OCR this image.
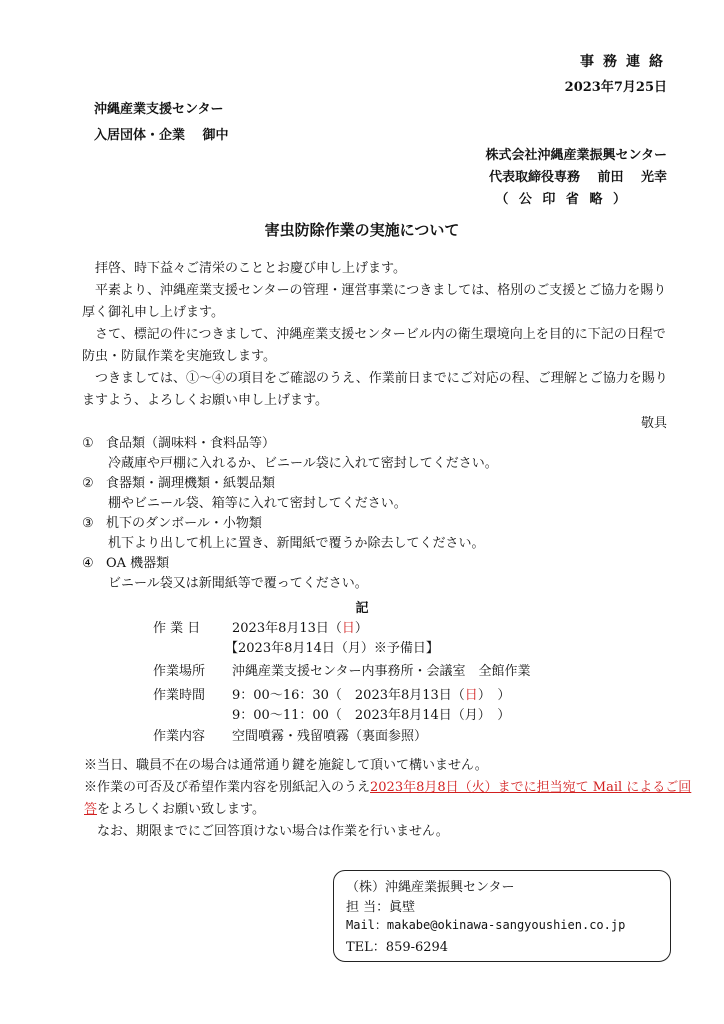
事務連絡
2023年7月25日
沖縄産業支援センター
入居団体・企業　 御中
株式会社沖縄産業振興センター
代表取締役専務　 前田　 光幸
（ 公 印 省 略 ）
害虫防除作業の実施について
　拝啓、時下益々ご清栄のこととお慶び申し上げます。
　平素より、沖縄産業支援センターの管理・運営事業につきましては、格別のご支援とご協力を賜り厚く御礼申し上げます。
　さて、標記の件につきまして、沖縄産業支援センタービル内の衛生環境向上を目的に下記の日程で防虫・防鼠作業を実施致します。
　つきましては、①～④の項目をご確認のうえ、作業前日までにご対応の程、ご理解とご協力を賜りますよう、よろしくお願い申し上げます。
敬具
① 食品類（調味料・食料品等）
冷蔵庫や戸棚に入れるか、ビニール袋に入れて密封してください。
② 食器類・調理機類・紙製品類
棚やビニール袋、箱等に入れて密封してください。
③ 机下のダンボール・小物類
机下より出して机上に置き、新聞紙で覆うか除去してください。
④ OA 機器類
ビニール袋又は新聞紙等で覆ってください。
記
作 業 日 2023年8月13日（日）
【2023年8月14日（月）※予備日】
作業場所 沖縄産業支援センター内事務所・会議室　全館作業
作業時間 9：00～16：30（　2023年8月13日（日）　）
9：00～11：00（　2023年8月14日（月）　）
作業内容 空間噴霧・残留噴霧（裏面参照）
※当日、職員不在の場合は通常通り鍵を施錠して頂いて構いません。
※作業の可否及び希望作業内容を別紙記入のうえ2023年8月8日（火）までに担当宛て Mail によるご回
答をよろしくお願い致します。
　なお、期限までにご回答頂けない場合は作業を行いません。
（株）沖縄産業振興センター
担 当：眞壁
Mail：makabe@okinawa-sangyoushien.co.jp
TEL：859-6294
